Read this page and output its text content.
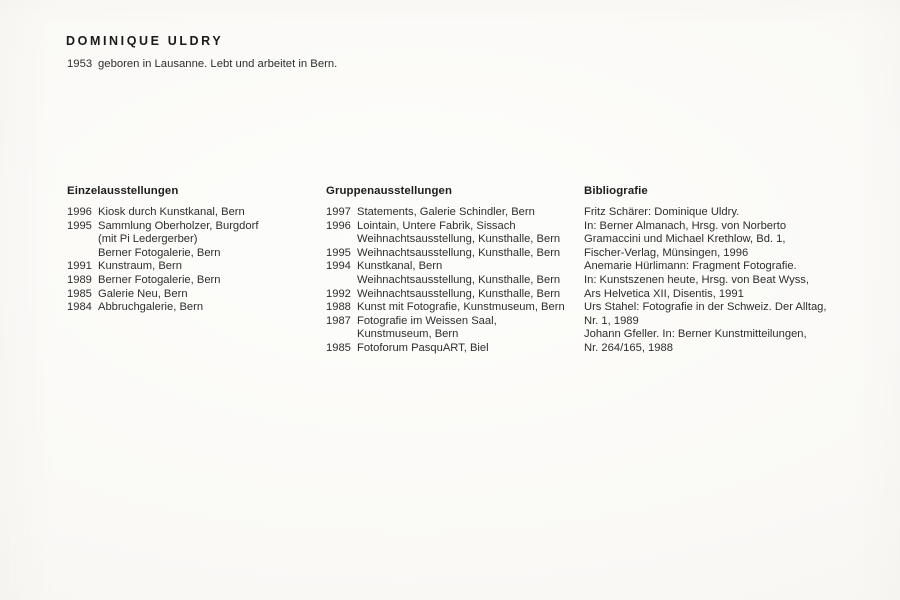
DOMINIQUE ULDRY
1953 geboren in Lausanne. Lebt und arbeitet in Bern.
Einzelausstellungen
1996 Kiosk durch Kunstkanal, Bern
1995 Sammlung Oberholzer, Burgdorf
(mit Pi Ledergerber)
Berner Fotogalerie, Bern
1991 Kunstraum, Bern
1989 Berner Fotogalerie, Bern
1985 Galerie Neu, Bern
1984 Abbruchgalerie, Bern
Gruppenausstellungen
1997 Statements, Galerie Schindler, Bern
1996 Lointain, Untere Fabrik, Sissach
Weihnachtsausstellung, Kunsthalle, Bern
1995 Weihnachtsausstellung, Kunsthalle, Bern
1994 Kunstkanal, Bern
Weihnachtsausstellung, Kunsthalle, Bern
1992 Weihnachtsausstellung, Kunsthalle, Bern
1988 Kunst mit Fotografie, Kunstmuseum, Bern
1987 Fotografie im Weissen Saal,
Kunstmuseum, Bern
1985 Fotoforum PasquART, Biel
Bibliografie
Fritz Schärer: Dominique Uldry.
In: Berner Almanach, Hrsg. von Norberto
Gramaccini und Michael Krethlow, Bd. 1,
Fischer-Verlag, Münsingen, 1996
Anemarie Hürlimann: Fragment Fotografie.
In: Kunstszenen heute, Hrsg. von Beat Wyss,
Ars Helvetica XII, Disentis, 1991
Urs Stahel: Fotografie in der Schweiz. Der Alltag,
Nr. 1, 1989
Johann Gfeller. In: Berner Kunstmitteilungen,
Nr. 264/165, 1988
